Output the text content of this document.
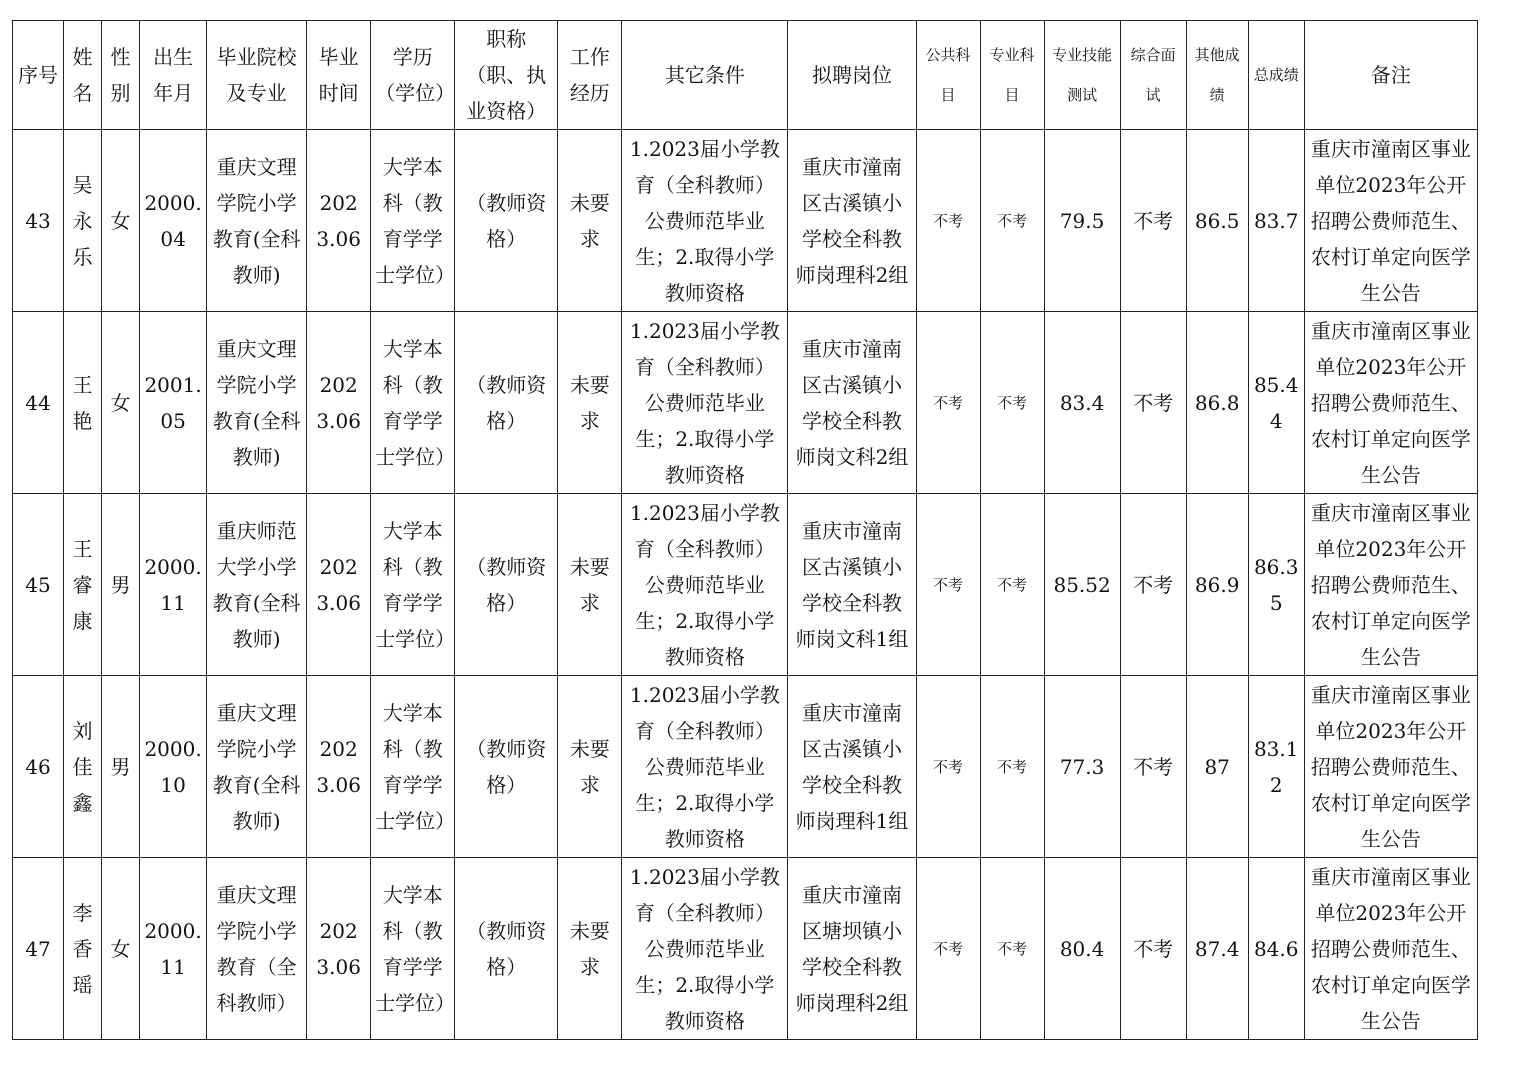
序号	姓名	性别	出生年月	毕业院校及专业	毕业时间	学历（学位）	职称（职、执业资格）	工作经历	其它条件	拟聘岗位	公共科目	专业科目	专业技能测试	综合面试	其他成绩	总成绩	备注
43	吴永乐	女	2000.04	重庆文理学院小学教育(全科教师)	2023.06	大学本科（教育学学士学位）	（教师资格）	未要求	1.2023届小学教育（全科教师）公费师范毕业生；2.取得小学教师资格	重庆市潼南区古溪镇小学校全科教师岗理科2组	不考	不考	79.5	不考	86.5	83.7	重庆市潼南区事业单位2023年公开招聘公费师范生、农村订单定向医学生公告
44	王艳	女	2001.05	重庆文理学院小学教育(全科教师)	2023.06	大学本科（教育学学士学位）	（教师资格）	未要求	1.2023届小学教育（全科教师）公费师范毕业生；2.取得小学教师资格	重庆市潼南区古溪镇小学校全科教师岗文科2组	不考	不考	83.4	不考	86.8	85.44	重庆市潼南区事业单位2023年公开招聘公费师范生、农村订单定向医学生公告
45	王睿康	男	2000.11	重庆师范大学小学教育(全科教师)	2023.06	大学本科（教育学学士学位）	（教师资格）	未要求	1.2023届小学教育（全科教师）公费师范毕业生；2.取得小学教师资格	重庆市潼南区古溪镇小学校全科教师岗文科1组	不考	不考	85.52	不考	86.9	86.35	重庆市潼南区事业单位2023年公开招聘公费师范生、农村订单定向医学生公告
46	刘佳鑫	男	2000.10	重庆文理学院小学教育(全科教师)	2023.06	大学本科（教育学学士学位）	（教师资格）	未要求	1.2023届小学教育（全科教师）公费师范毕业生；2.取得小学教师资格	重庆市潼南区古溪镇小学校全科教师岗理科1组	不考	不考	77.3	不考	87	83.12	重庆市潼南区事业单位2023年公开招聘公费师范生、农村订单定向医学生公告
47	李香瑶	女	2000.11	重庆文理学院小学教育（全科教师）	2023.06	大学本科（教育学学士学位）	（教师资格）	未要求	1.2023届小学教育（全科教师）公费师范毕业生；2.取得小学教师资格	重庆市潼南区塘坝镇小学校全科教师岗理科2组	不考	不考	80.4	不考	87.4	84.6	重庆市潼南区事业单位2023年公开招聘公费师范生、农村订单定向医学生公告
